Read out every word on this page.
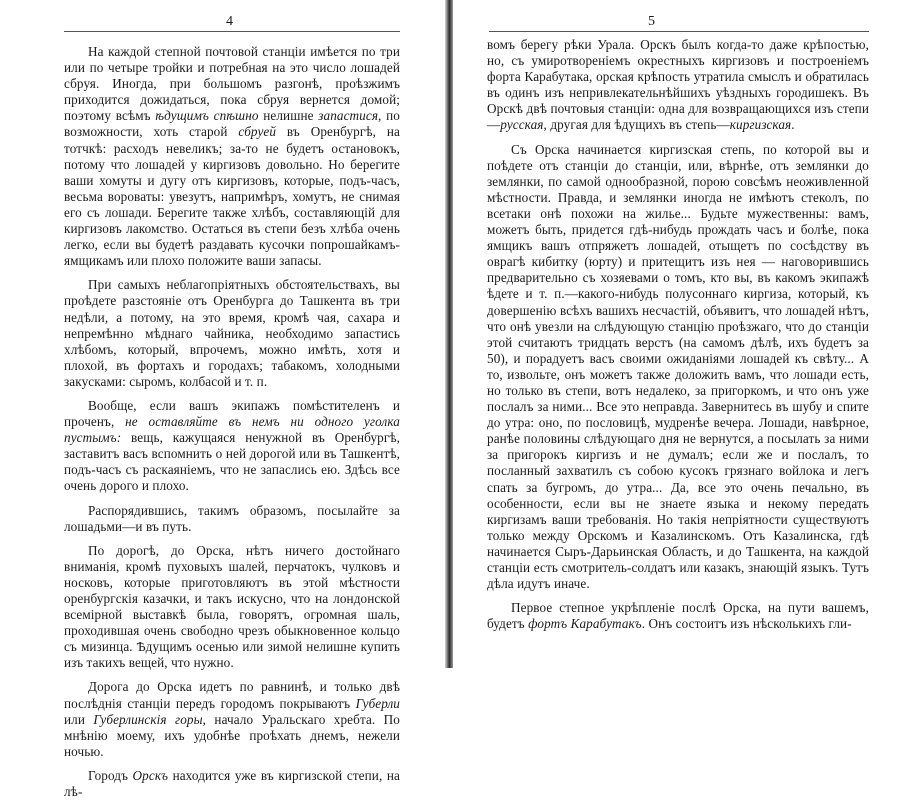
4

На каждой степной почтовой станціи имѣется по три или по четыре тройки и потребная на это число лошадей сбруя. Иногда, при большомъ разгонѣ, проѣзжимъ приходится дожидаться, пока сбруя вернется домой; поэтому всѣмъ ѣдущимъ спѣшно нелишне запастися, по возможности, хоть старой сбруей въ Оренбургѣ, на тотчкѣ: расходъ невеликъ; за-то не будетъ остановокъ, потому что лошадей у киргизовъ довольно. Но берегите ваши хомуты и дугу отъ киргизовъ, которые, подъ-часъ, весьма вороваты: увезутъ, напримѣръ, хомутъ, не снимая его съ лошади. Берегите также хлѣбъ, составляющій для киргизовъ лакомство. Остаться въ степи безъ хлѣба очень легко, если вы будетѣ раздавать кусочки попрошайкамъ-ямщикамъ или плохо положите ваши запасы.

При самыхъ неблагопріятныхъ обстоятельствахъ, вы проѣдете разстояніе отъ Оренбурга до Ташкента въ три недѣли, а потому, на это время, кромѣ чая, сахара и непремѣнно мѣднаго чайника, необходимо запастись хлѣбомъ, который, впрочемъ, можно имѣть, хотя и плохой, въ фортахъ и городахъ; табакомъ, холодными закусками: сыромъ, колбасой и т. п.

Вообще, если вашъ экипажъ помѣстителенъ и проченъ, не оставляйте въ немъ ни одного уголка пустымъ: вещь, кажущаяся ненужной въ Оренбургѣ, заставитъ васъ вспомнить о ней дорогой или въ Ташкентѣ, подъ-часъ съ раскаяніемъ, что не запаслись ею. Здѣсь все очень дорого и плохо.

Распорядившись, такимъ образомъ, посылайте за лошадьми—и въ путь.

По дорогѣ, до Орска, нѣтъ ничего достойнаго вниманія, кромѣ пуховыхъ шалей, перчатокъ, чулковъ и носковъ, которые приготовляютъ въ этой мѣстности оренбургскія казачки, и такъ искусно, что на лондонской всемірной выставкѣ была, говорятъ, огромная шаль, проходившая очень свободно чрезъ обыкновенное кольцо съ мизинца. Ѣдущимъ осенью или зимой нелишне купить изъ такихъ вещей, что нужно.

Дорога до Орска идетъ по равнинѣ, и только двѣ послѣднія станціи передъ городомъ покрываютъ Губерли или Губерлинскія горы, начало Уральскаго хребта. По мнѣнію моему, ихъ удобнѣе проѣхать днемъ, нежели ночью.

Городъ Орскъ находится уже въ киргизской степи, на лѣ-

5

вомъ берегу рѣки Урала. Орскъ былъ когда-то даже крѣпостью, но, съ умиротвореніемъ окрестныхъ киргизовъ и построеніемъ форта Карабутака, орская крѣпость утратила смыслъ и обратилась въ одинъ изъ непривлекательнѣйшихъ уѣздныхъ городишекъ. Въ Орскѣ двѣ почтовыя станціи: одна для возвращающихся изъ степи—русская, другая для ѣдущихъ въ степь—киргизская.

Съ Орска начинается киргизская степь, по которой вы и поѣдете отъ станціи до станціи, или, вѣрнѣе, отъ землянки до землянки, по самой однообразной, порою совсѣмъ неоживленной мѣстности. Правда, и землянки иногда не имѣютъ стеколъ, по вcетаки онѣ похожи на жилье... Будьте мужественны: вамъ, можетъ быть, придется гдѣ-нибудь прождать часъ и болѣе, пока ямщикъ вашъ отпряжетъ лошадей, отыщетъ по сосѣдству въ оврагѣ кибитку (юрту) и притещитъ изъ нея — наговорившись предварительно съ хозяевами о томъ, кто вы, въ какомъ экипажѣ ѣдете и т. п.—какого-нибудь полусоннаго киргиза, который, къ довершенію всѣхъ вашихъ несчастій, объявитъ, что лошадей нѣтъ, что онѣ увезли на слѣдующую станцію проѣзжаго, что до станціи этой считаютъ тридцать верстъ (на самомъ дѣлѣ, ихъ будетъ за 50), и порадуетъ васъ своими ожиданіями лошадей къ свѣту... А то, извольте, онъ можетъ также доложить вамъ, что лошади есть, но только въ степи, вотъ недалеко, за пригоркомъ, и что онъ уже послалъ за ними... Все это неправда. Завернитесь въ шубу и спите до утра: оно, по пословицѣ, мудренѣе вечера. Лошади, навѣрное, ранѣе половины слѣдующаго дня не вернутся, а посылать за ними за пригорокъ киргизъ и не думалъ; если же и послалъ, то посланный захватилъ съ собою кусокъ грязнаго войлока и легъ спать за бугромъ, до утра... Да, все это очень печально, въ особенности, если вы не знаете языка и некому передать киргизамъ ваши требованія. Но такія непріятности существуютъ только между Орскомъ и Казалинскомъ. Отъ Казалинска, гдѣ начинается Сыръ-Дарьинская Область, и до Ташкента, на каждой станціи есть смотритель-солдатъ или казакъ, знающій языкъ. Тутъ дѣла идутъ иначе.

Первое степное укрѣпленіе послѣ Орска, на пути вашемъ, будетъ фортъ Карабутакъ. Онъ состоитъ изъ нѣсколькихъ гли-
